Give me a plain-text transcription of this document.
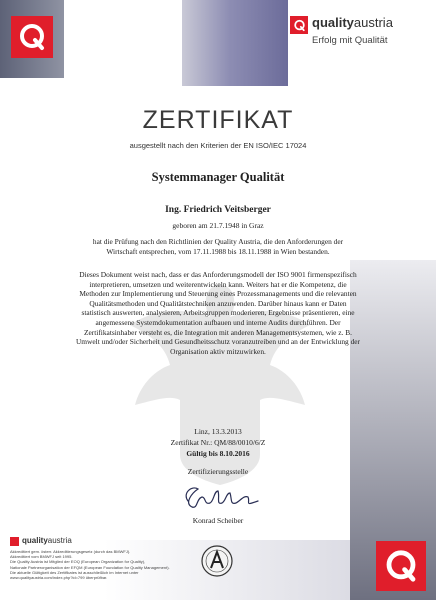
qualityaustria
Erfolg mit Qualität
ZERTIFIKAT
ausgestellt nach den Kriterien der EN ISO/IEC 17024
Systemmanager Qualität
Ing. Friedrich Veitsberger
geboren am 21.7.1948 in Graz
hat die Prüfung nach den Richtlinien der Quality Austria, die den Anforderungen der
Wirtschaft entsprechen, vom 17.11.1988 bis 18.11.1988 in Wien bestanden.
Dieses Dokument weist nach, dass er das Anforderungsmodell der ISO 9001 firmenspezifisch
interpretieren, umsetzen und weiterentwickeln kann. Weiters hat er die Kompetenz, die
Methoden zur Implementierung und Steuerung eines Prozessmanagements und die relevanten
Qualitätsmethoden und Qualitätstechniken anzuwenden. Darüber hinaus kann er Daten
statistisch auswerten, analysieren, Arbeitsgruppen moderieren, Ergebnisse präsentieren, eine
angemessene Systemdokumentation aufbauen und interne Audits durchführen. Der
Zertifikatsinhaber versteht es, die Integration mit anderen Managementsystemen, wie z. B.
Umwelt und/oder Sicherheit und Gesundheitsschutz voranzutreiben und an der Entwicklung der
Organisation aktiv mitzuwirken.
Linz, 13.3.2013
Zertifikat Nr.: QM/88/0010/6/Z
Gültig bis 8.10.2016
Zertifizierungsstelle
Konrad Scheiber
qualityaustria
Akkreditiert gem. österr. Akkreditierungsgesetz (durch das BMWFJ).
Akkreditiert vom BMWFJ seit 1995.
Die Quality Austria ist Mitglied der EOQ (European Organization for Quality),
Nationale Partnerorganisation der EFQM (European Foundation for Quality Management).
Die aktuelle Gültigkeit des Zertifikates ist ausschließlich im Internet unter
www.qualityaustria.com/index.php?id=799 überprüfbar.
